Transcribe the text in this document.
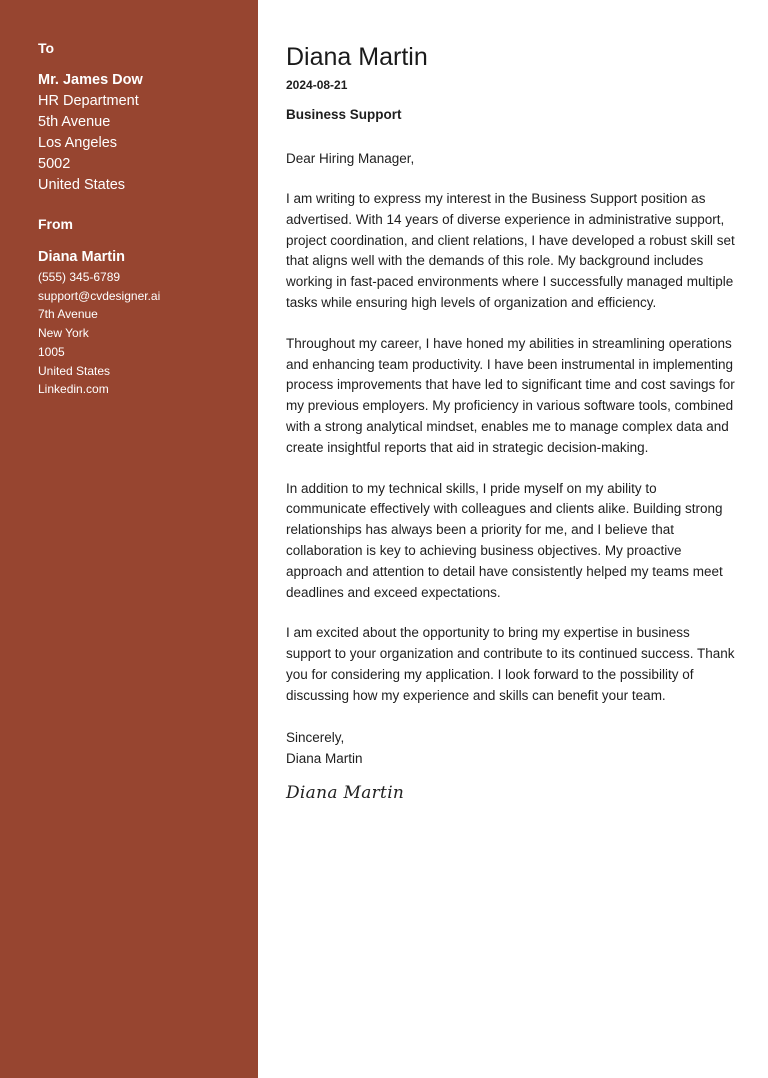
To
Mr. James Dow
HR Department
5th Avenue
Los Angeles
5002
United States
From
Diana Martin
(555) 345-6789
support@cvdesigner.ai
7th Avenue
New York
1005
United States
Linkedin.com
Diana Martin
2024-08-21
Business Support
Dear Hiring Manager,

I am writing to express my interest in the Business Support position as advertised. With 14 years of diverse experience in administrative support, project coordination, and client relations, I have developed a robust skill set that aligns well with the demands of this role. My background includes working in fast-paced environments where I successfully managed multiple tasks while ensuring high levels of organization and efficiency.

Throughout my career, I have honed my abilities in streamlining operations and enhancing team productivity. I have been instrumental in implementing process improvements that have led to significant time and cost savings for my previous employers. My proficiency in various software tools, combined with a strong analytical mindset, enables me to manage complex data and create insightful reports that aid in strategic decision-making.

In addition to my technical skills, I pride myself on my ability to communicate effectively with colleagues and clients alike. Building strong relationships has always been a priority for me, and I believe that collaboration is key to achieving business objectives. My proactive approach and attention to detail have consistently helped my teams meet deadlines and exceed expectations.

I am excited about the opportunity to bring my expertise in business support to your organization and contribute to its continued success. Thank you for considering my application. I look forward to the possibility of discussing how my experience and skills can benefit your team.

Sincerely,
Diana Martin
Diana Martin
